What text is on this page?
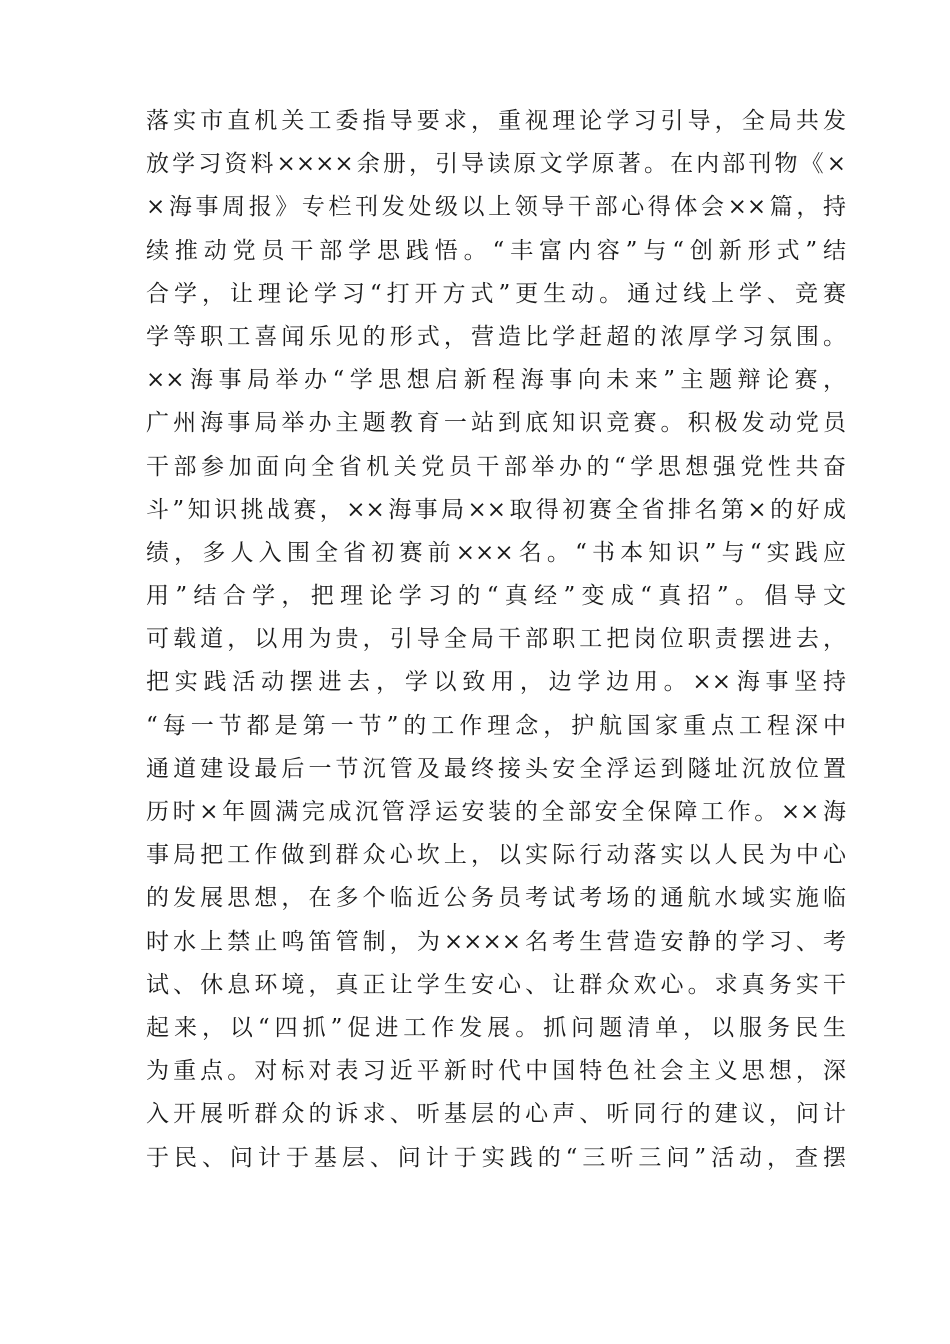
落实市直机关工委指导要求，重视理论学习引导，全局共发
放学习资料××××余册，引导读原文学原著。在内部刊物《×
×海事周报》专栏刊发处级以上领导干部心得体会××篇，持
续推动党员干部学思践悟。“丰富内容”与“创新形式”结
合学，让理论学习“打开方式”更生动。通过线上学、竞赛
学等职工喜闻乐见的形式，营造比学赶超的浓厚学习氛围。
××海事局举办“学思想启新程海事向未来”主题辩论赛，
广州海事局举办主题教育一站到底知识竞赛。积极发动党员
干部参加面向全省机关党员干部举办的“学思想强党性共奋
斗”知识挑战赛，××海事局××取得初赛全省排名第×的好成
绩，多人入围全省初赛前×××名。“书本知识”与“实践应
用”结合学，把理论学习的“真经”变成“真招”。倡导文
可载道，以用为贵，引导全局干部职工把岗位职责摆进去，
把实践活动摆进去，学以致用，边学边用。××海事坚持
“每一节都是第一节”的工作理念，护航国家重点工程深中
通道建设最后一节沉管及最终接头安全浮运到隧址沉放位置
历时×年圆满完成沉管浮运安装的全部安全保障工作。××海
事局把工作做到群众心坎上，以实际行动落实以人民为中心
的发展思想，在多个临近公务员考试考场的通航水域实施临
时水上禁止鸣笛管制，为××××名考生营造安静的学习、考
试、休息环境，真正让学生安心、让群众欢心。求真务实干
起来，以“四抓”促进工作发展。抓问题清单，以服务民生
为重点。对标对表习近平新时代中国特色社会主义思想，深
入开展听群众的诉求、听基层的心声、听同行的建议，问计
于民、问计于基层、问计于实践的“三听三问”活动，查摆
